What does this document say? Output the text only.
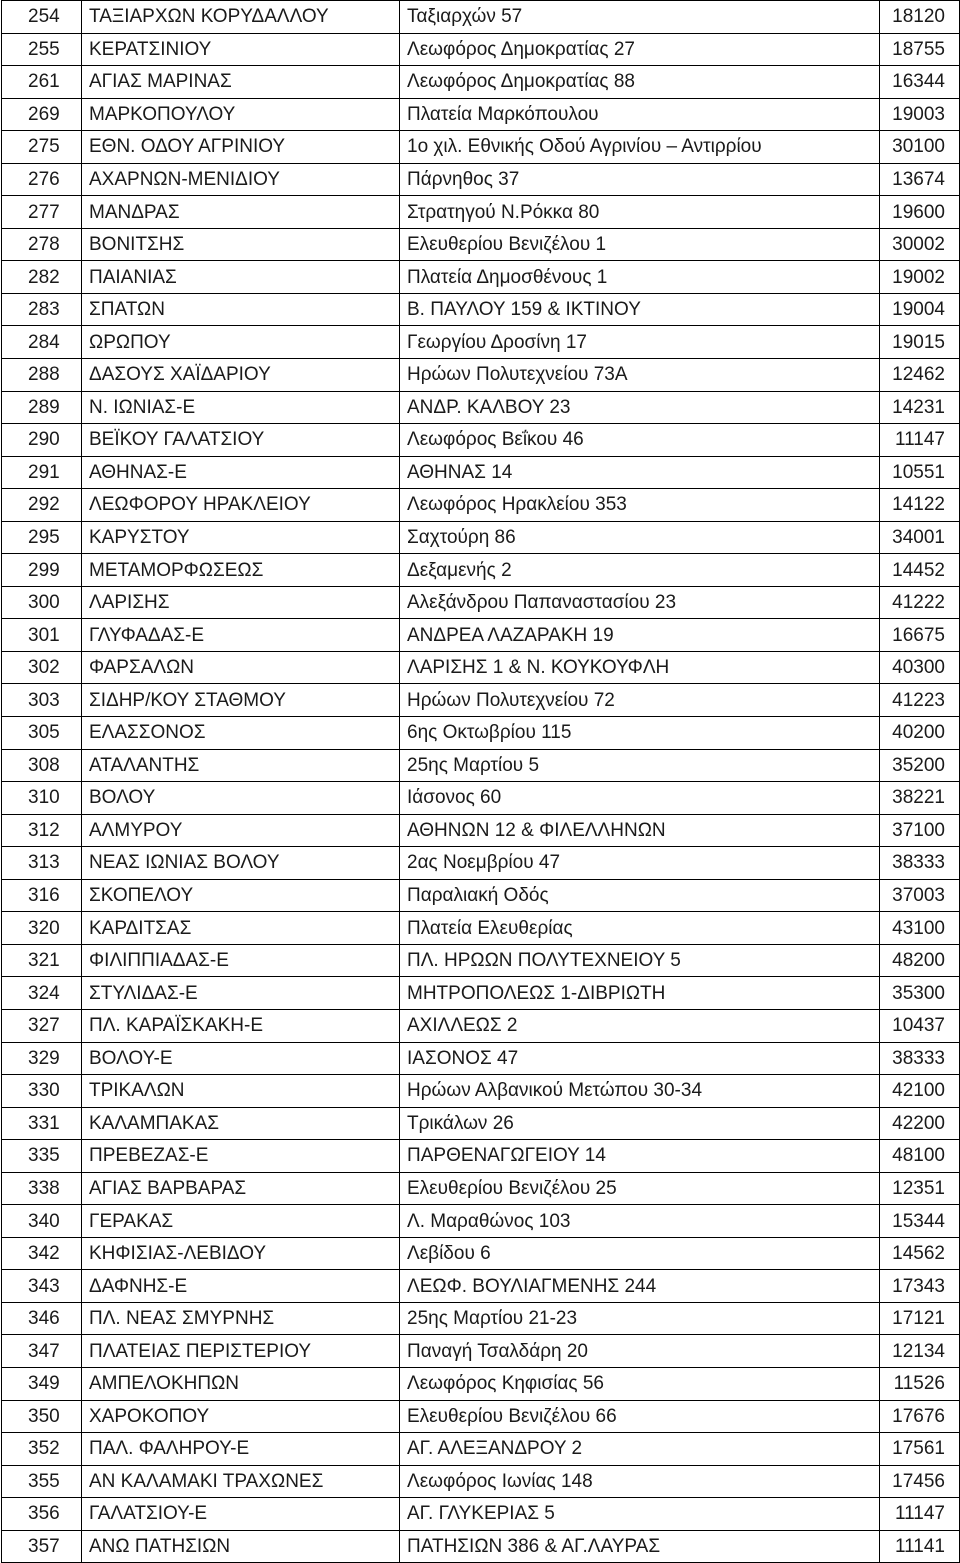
254	ΤΑΞΙΑΡΧΩΝ ΚΟΡΥΔΑΛΛΟΥ	Ταξιαρχών 57	18120
255	ΚΕΡΑΤΣΙΝΙΟΥ	Λεωφόρος Δημοκρατίας 27	18755
261	ΑΓΙΑΣ ΜΑΡΙΝΑΣ	Λεωφόρος Δημοκρατίας 88	16344
269	ΜΑΡΚΟΠΟΥΛΟΥ	Πλατεία Μαρκόπουλου	19003
275	ΕΘΝ. ΟΔΟΥ ΑΓΡΙΝΙΟΥ	1ο χιλ. Εθνικής Οδού Αγρινίου – Αντιρρίου	30100
276	ΑΧΑΡΝΩΝ-ΜΕΝΙΔΙΟΥ	Πάρνηθος 37	13674
277	ΜΑΝΔΡΑΣ	Στρατηγού Ν.Ρόκκα 80	19600
278	ΒΟΝΙΤΣΗΣ	Ελευθερίου Βενιζέλου 1	30002
282	ΠΑΙΑΝΙΑΣ	Πλατεία Δημοσθένους 1	19002
283	ΣΠΑΤΩΝ	Β. ΠΑΥΛΟΥ 159 & ΙΚΤΙΝΟΥ	19004
284	ΩΡΩΠΟΥ	Γεωργίου Δροσίνη 17	19015
288	ΔΑΣΟΥΣ ΧΑΪΔΑΡΙΟΥ	Ηρώων Πολυτεχνείου 73Α	12462
289	Ν. ΙΩΝΙΑΣ-Ε	ΑΝΔΡ. ΚΑΛΒΟΥ 23	14231
290	ΒΕΪΚΟΥ ΓΑΛΑΤΣΙΟΥ	Λεωφόρος Βεΐκου 46	11147
291	ΑΘΗΝΑΣ-Ε	ΑΘΗΝΑΣ 14	10551
292	ΛΕΩΦΟΡΟΥ ΗΡΑΚΛΕΙΟΥ	Λεωφόρος Ηρακλείου 353	14122
295	ΚΑΡΥΣΤΟΥ	Σαχτούρη 86	34001
299	ΜΕΤΑΜΟΡΦΩΣΕΩΣ	Δεξαμενής 2	14452
300	ΛΑΡΙΣΗΣ	Αλεξάνδρου Παπαναστασίου 23	41222
301	ΓΛΥΦΑΔΑΣ-Ε	ΑΝΔΡΕΑ ΛΑΖΑΡΑΚΗ 19	16675
302	ΦΑΡΣΑΛΩΝ	ΛΑΡΙΣΗΣ 1 & Ν. ΚΟΥΚΟΥΦΛΗ	40300
303	ΣΙΔΗΡ/ΚΟΥ ΣΤΑΘΜΟΥ	Ηρώων Πολυτεχνείου 72	41223
305	ΕΛΑΣΣΟΝΟΣ	6ης Οκτωβρίου 115	40200
308	ΑΤΑΛΑΝΤΗΣ	25ης Μαρτίου 5	35200
310	ΒΟΛΟΥ	Ιάσονος 60	38221
312	ΑΛΜΥΡΟΥ	ΑΘΗΝΩΝ 12 & ΦΙΛΕΛΛΗΝΩΝ	37100
313	ΝΕΑΣ ΙΩΝΙΑΣ ΒΟΛΟΥ	2ας Νοεμβρίου 47	38333
316	ΣΚΟΠΕΛΟΥ	Παραλιακή Οδός	37003
320	ΚΑΡΔΙΤΣΑΣ	Πλατεία Ελευθερίας	43100
321	ΦΙΛΙΠΠΙΑΔΑΣ-Ε	ΠΛ. ΗΡΩΩΝ ΠΟΛΥΤΕΧΝΕΙΟΥ 5	48200
324	ΣΤΥΛΙΔΑΣ-Ε	ΜΗΤΡΟΠΟΛΕΩΣ 1-ΔΙΒΡΙΩΤΗ	35300
327	ΠΛ. ΚΑΡΑΪΣΚΑΚΗ-Ε	ΑΧΙΛΛΕΩΣ 2	10437
329	ΒΟΛΟΥ-Ε	ΙΑΣΟΝΟΣ 47	38333
330	ΤΡΙΚΑΛΩΝ	Ηρώων Αλβανικού Μετώπου 30-34	42100
331	ΚΑΛΑΜΠΑΚΑΣ	Τρικάλων 26	42200
335	ΠΡΕΒΕΖΑΣ-Ε	ΠΑΡΘΕΝΑΓΩΓΕΙΟΥ 14	48100
338	ΑΓΙΑΣ ΒΑΡΒΑΡΑΣ	Ελευθερίου Βενιζέλου 25	12351
340	ΓΕΡΑΚΑΣ	Λ. Μαραθώνος 103	15344
342	ΚΗΦΙΣΙΑΣ-ΛΕΒΙΔΟΥ	Λεβίδου 6	14562
343	ΔΑΦΝΗΣ-Ε	ΛΕΩΦ. ΒΟΥΛΙΑΓΜΕΝΗΣ 244	17343
346	ΠΛ. ΝΕΑΣ ΣΜΥΡΝΗΣ	25ης Μαρτίου 21-23	17121
347	ΠΛΑΤΕΙΑΣ ΠΕΡΙΣΤΕΡΙΟΥ	Παναγή Τσαλδάρη 20	12134
349	ΑΜΠΕΛΟΚΗΠΩΝ	Λεωφόρος Κηφισίας 56	11526
350	ΧΑΡΟΚΟΠΟΥ	Ελευθερίου Βενιζέλου 66	17676
352	ΠΑΛ. ΦΑΛΗΡΟΥ-Ε	ΑΓ. ΑΛΕΞΑΝΔΡΟΥ 2	17561
355	ΑΝ ΚΑΛΑΜΑΚΙ ΤΡΑΧΩΝΕΣ	Λεωφόρος Ιωνίας 148	17456
356	ΓΑΛΑΤΣΙΟΥ-Ε	ΑΓ. ΓΛΥΚΕΡΙΑΣ 5	11147
357	ΑΝΩ ΠΑΤΗΣΙΩΝ	ΠΑΤΗΣΙΩΝ 386 & ΑΓ.ΛΑΥΡΑΣ	11141
